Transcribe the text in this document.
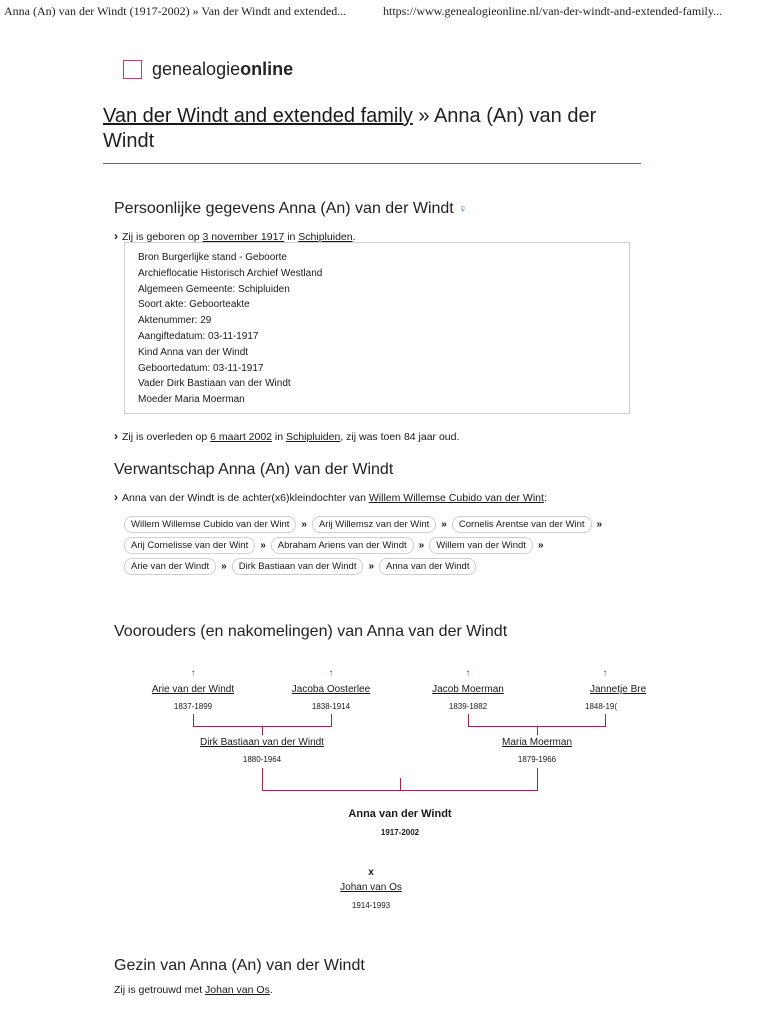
Anna (An) van der Windt (1917-2002) » Van der Windt and extended...	https://www.genealogieonline.nl/van-der-windt-and-extended-family...
genealogieonline
Van der Windt and extended family » Anna (An) van der Windt
Persoonlijke gegevens Anna (An) van der Windt ♀
› Zij is geboren op 3 november 1917 in Schipluiden.
Bron Burgerlijke stand - Geboorte
Archieflocatie Historisch Archief Westland
Algemeen Gemeente: Schipluiden
Soort akte: Geboorteakte
Aktenummer: 29
Aangiftedatum: 03-11-1917
Kind Anna van der Windt
Geboortedatum: 03-11-1917
Vader Dirk Bastiaan van der Windt
Moeder Maria Moerman
› Zij is overleden op 6 maart 2002 in Schipluiden, zij was toen 84 jaar oud.
Verwantschap Anna (An) van der Windt
› Anna van der Windt is de achter(x6)kleindochter van Willem Willemse Cubido van der Wint:
Willem Willemse Cubido van der Wint » Arij Willemsz van der Wint » Cornelis Arentse van der Wint »
Arij Cornelisse van der Wint » Abraham Ariens van der Windt » Willem van der Windt »
Arie van der Windt » Dirk Bastiaan van der Windt » Anna van der Windt
Voorouders (en nakomelingen) van Anna van der Windt
↑	↑	↑	↑
Arie van der Windt
1837-1899
Jacoba Oosterlee
1838-1914
Jacob Moerman
1839-1882
Jannetje Bre
1848-19(
Dirk Bastiaan van der Windt
1880-1964
Maria Moerman
1879-1966
Anna van der Windt
1917-2002
x
Johan van Os
1914-1993
Gezin van Anna (An) van der Windt
Zij is getrouwd met Johan van Os.
